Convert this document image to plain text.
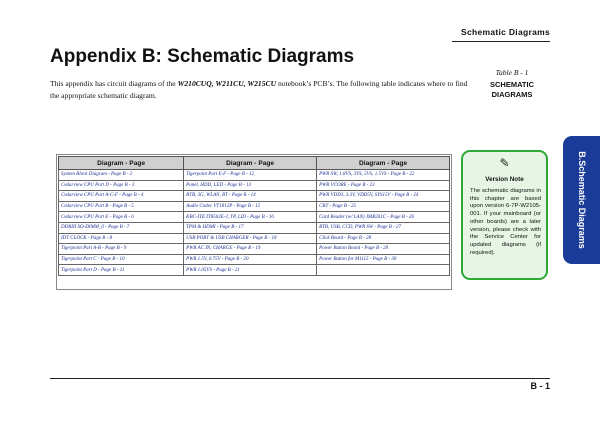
Schematic Diagrams
Appendix B: Schematic Diagrams

This appendix has circuit diagrams of the W210CUQ, W211CU, W215CU notebook’s PCB’s. The following table indicates where to find the appropriate schematic diagram.

Table B - 1
SCHEMATIC DIAGRAMS
B.Schematic Diagrams
Diagram - Page	Diagram - Page	Diagram - Page
System Block Diagram - Page B - 2	Tigerpoint Part E-F - Page B - 12	PWR SW, 1.8VS, 3VS, 5VS, 1.5VS - Page B - 22
Cedarview CPU Part D - Page B - 3	Panel, HDD, LED - Page B - 13	PWR VCORE - Page B - 23
Cedarview CPU Part A-C-F - Page B - 4	BTB, 3G, WLAN, BT - Page B - 14	PWR VDD3, 3.3V, VDD5V, SYS15V - Page B - 24
Cedarview CPU Part B - Page B - 5	Audio Codec VT1812P - Page B - 15	CRT - Page B - 25
Cedarview CPU Part E - Page B - 6	KBC-ITE IT8502E-J, TP, LID - Page B - 16	Card Reader (w/ LAN) JMB261C - Page B - 26
DDRIII SO-DIMM_0 - Page B - 7	TPM & HDMI - Page B - 17	BTB, USB, CCD, PWR SW - Page B - 27
IDT CLOCK - Page B - 8	USB PORT & USB CHARGER - Page B - 18	Click Board - Page B - 28
Tigerpoint Part A-B - Page B - 9	PWR AC IN, CHARGE - Page B - 19	Power Button Board - Page B - 29
Tigerpoint Part C - Page B - 10	PWR 1.5V, 0.75V - Page B - 20	Power Button for M1115 - Page B - 30
Tigerpoint Part D - Page B - 11	PWR 1.05VS - Page B - 21	
✎
Version Note
The schematic diagrams in this chapter are based upon version 6-7P-W2105-001. If your mainboard (or other boards) are a later version, please check with the Service Center for updated diagrams (if required).
B - 1
